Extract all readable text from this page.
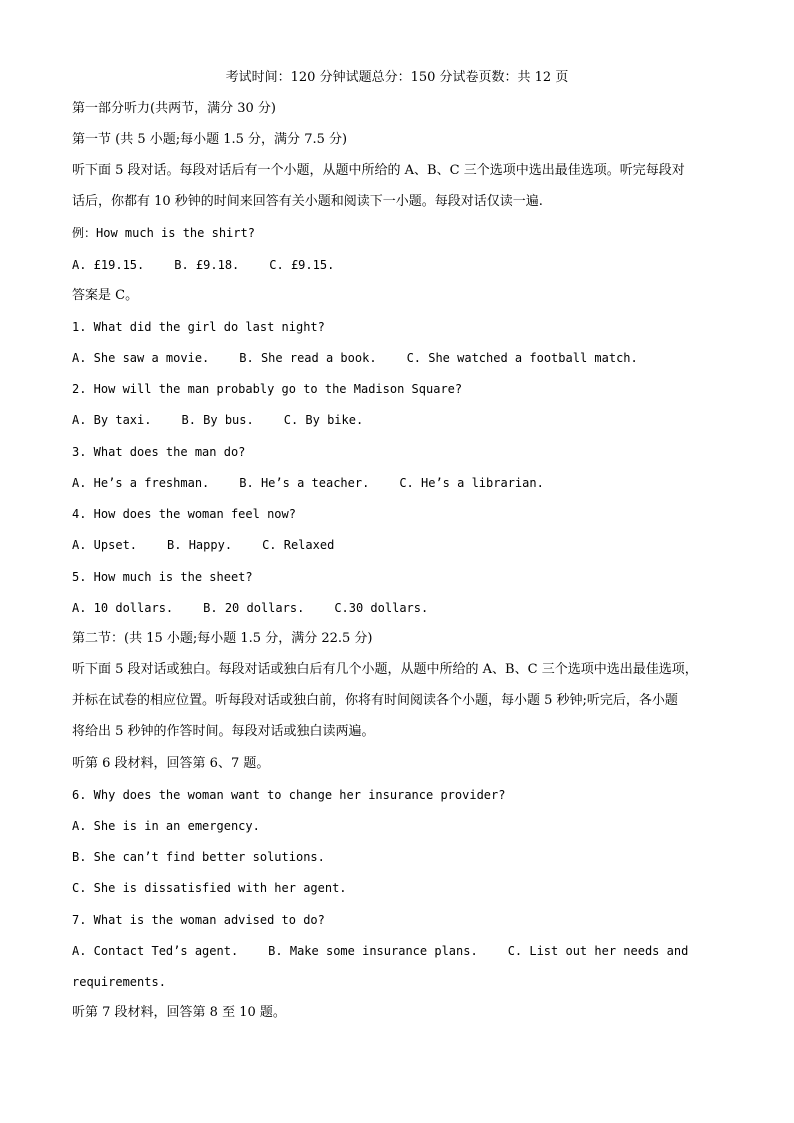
考试时间：120 分钟试题总分：150 分试卷页数：共 12 页
第一部分听力(共两节，满分 30 分)
第一节 (共 5 小题;每小题 1.5 分，满分 7.5 分)
听下面 5 段对话。每段对话后有一个小题，从题中所给的 A、B、C 三个选项中选出最佳选项。听完每段对
话后，你都有 10 秒钟的时间来回答有关小题和阅读下一小题。每段对话仅读一遍.
例：How much is the shirt?
A. £19.15.	B. £9.18.	C. £9.15.
答案是 C。
1. What did the girl do last night?
A. She saw a movie.	B. She read a book.	C. She watched a football match.
2. How will the man probably go to the Madison Square?
A. By taxi.	B. By bus.	C. By bike.
3. What does the man do?
A. He’s a freshman.	B. He’s a teacher.	C. He’s a librarian.
4. How does the woman feel now?
A. Upset.	B. Happy.	C. Relaxed
5. How much is the sheet?
A. 10 dollars.	B. 20 dollars.	C.30 dollars.
第二节：(共 15 小题;每小题 1.5 分，满分 22.5 分)
听下面 5 段对话或独白。每段对话或独白后有几个小题，从题中所给的 A、B、C 三个选项中选出最佳选项，
并标在试卷的相应位置。听每段对话或独白前，你将有时间阅读各个小题，每小题 5 秒钟;听完后，各小题
将给出 5 秒钟的作答时间。每段对话或独白读两遍。
听第 6 段材料，回答第 6、7 题。
6. Why does the woman want to change her insurance provider?
A. She is in an emergency.
B. She can’t find better solutions.
C. She is dissatisfied with her agent.
7. What is the woman advised to do?
A. Contact Ted’s agent.	B. Make some insurance plans.	C. List out her needs and
requirements.
听第 7 段材料，回答第 8 至 10 题。
